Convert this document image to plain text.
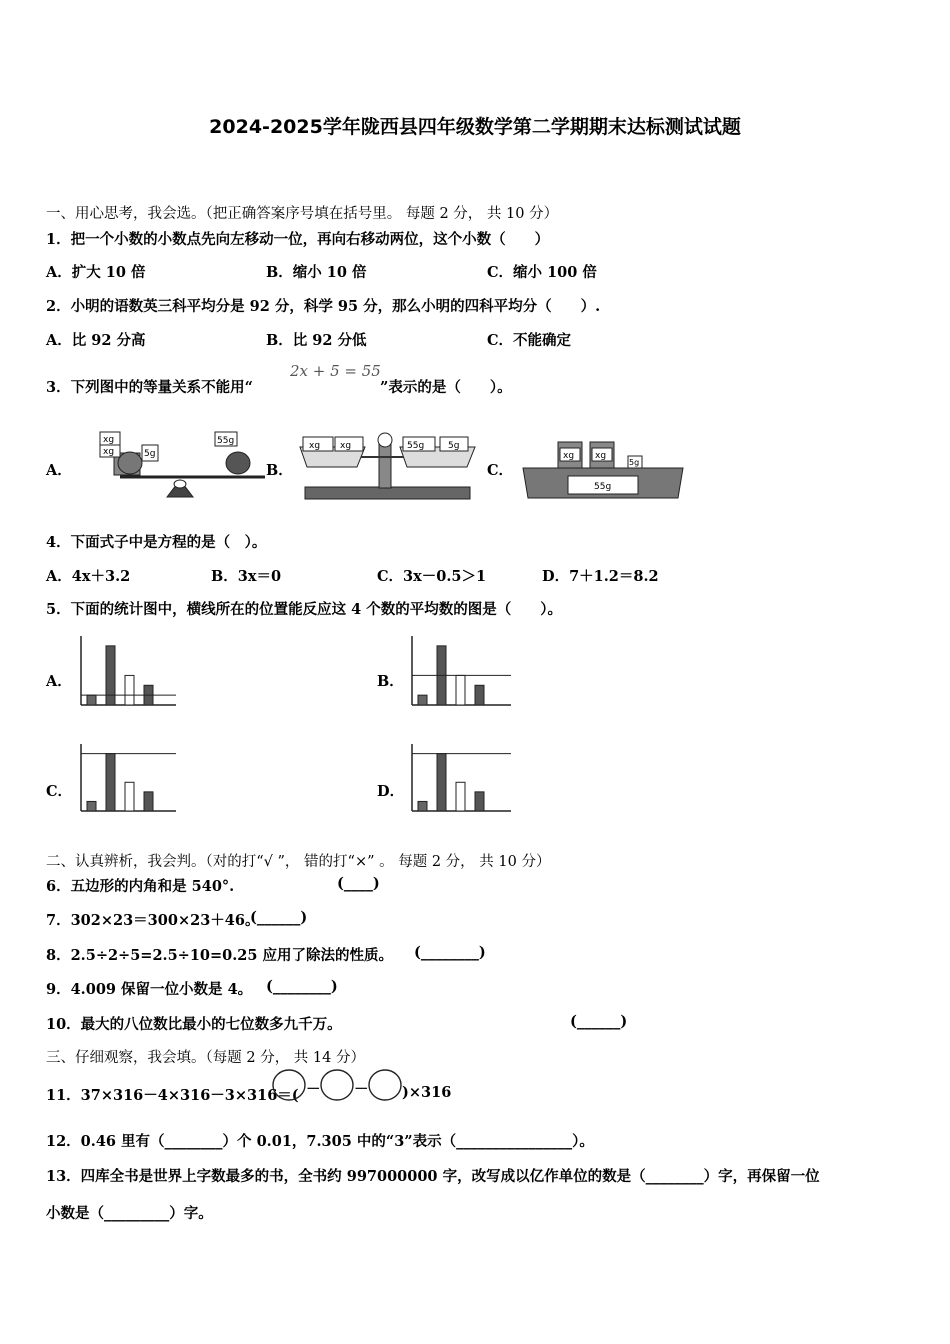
2024-2025学年陇西县四年级数学第二学期期末达标测试试题
一、用心思考，我会选。（把正确答案序号填在括号里。 每题 2 分， 共 10 分）
1．把一个小数的小数点先向左移动一位，再向右移动两位，这个小数（　　）
A．扩大 10 倍	B．缩小 10 倍	C．缩小 100 倍
2．小明的语数英三科平均分是 92 分，科学 95 分，那么小明的四科平均分（　　）.
A．比 92 分高	B．比 92 分低	C．不能确定
3．下列图中的等量关系不能用“
2x + 5 = 55
”表示的是（　　）。
A．	B．	C．
xg
xg
5g
55g	xg xg	55g	5g
55g
xg xg
5g
4．下面式子中是方程的是（　）。
A．4x＋3.2	B．3x＝0	C．3x－0.5＞1	D．7＋1.2＝8.2
5．下面的统计图中，横线所在的位置能反应这 4 个数的平均数的图是（　　）。
A．	B．
C．	D．
二、认真辨析，我会判。（对的打“√ ”， 错的打“×” 。 每题 2 分， 共 10 分）
6．五边形的内角和是 540°.	(____)
7．302×23＝300×23＋46。
(______)
8．2.5÷2÷5=2.5÷10=0.25 应用了除法的性质。 (________)
9．4.009 保留一位小数是 4。 (________)
10．最大的八位数比最小的七位数多九千万。	(______)
三、仔细观察，我会填。（每题 2 分， 共 14 分）
11．37×316－4×316－3×316＝( － － )×316
12．0.46 里有（________）个 0.01，7.305 中的“3”表示（________________）。
13．四库全书是世界上字数最多的书，全书约 997000000 字，改写成以亿作单位的数是（________）字，再保留一位
小数是（_________）字。
